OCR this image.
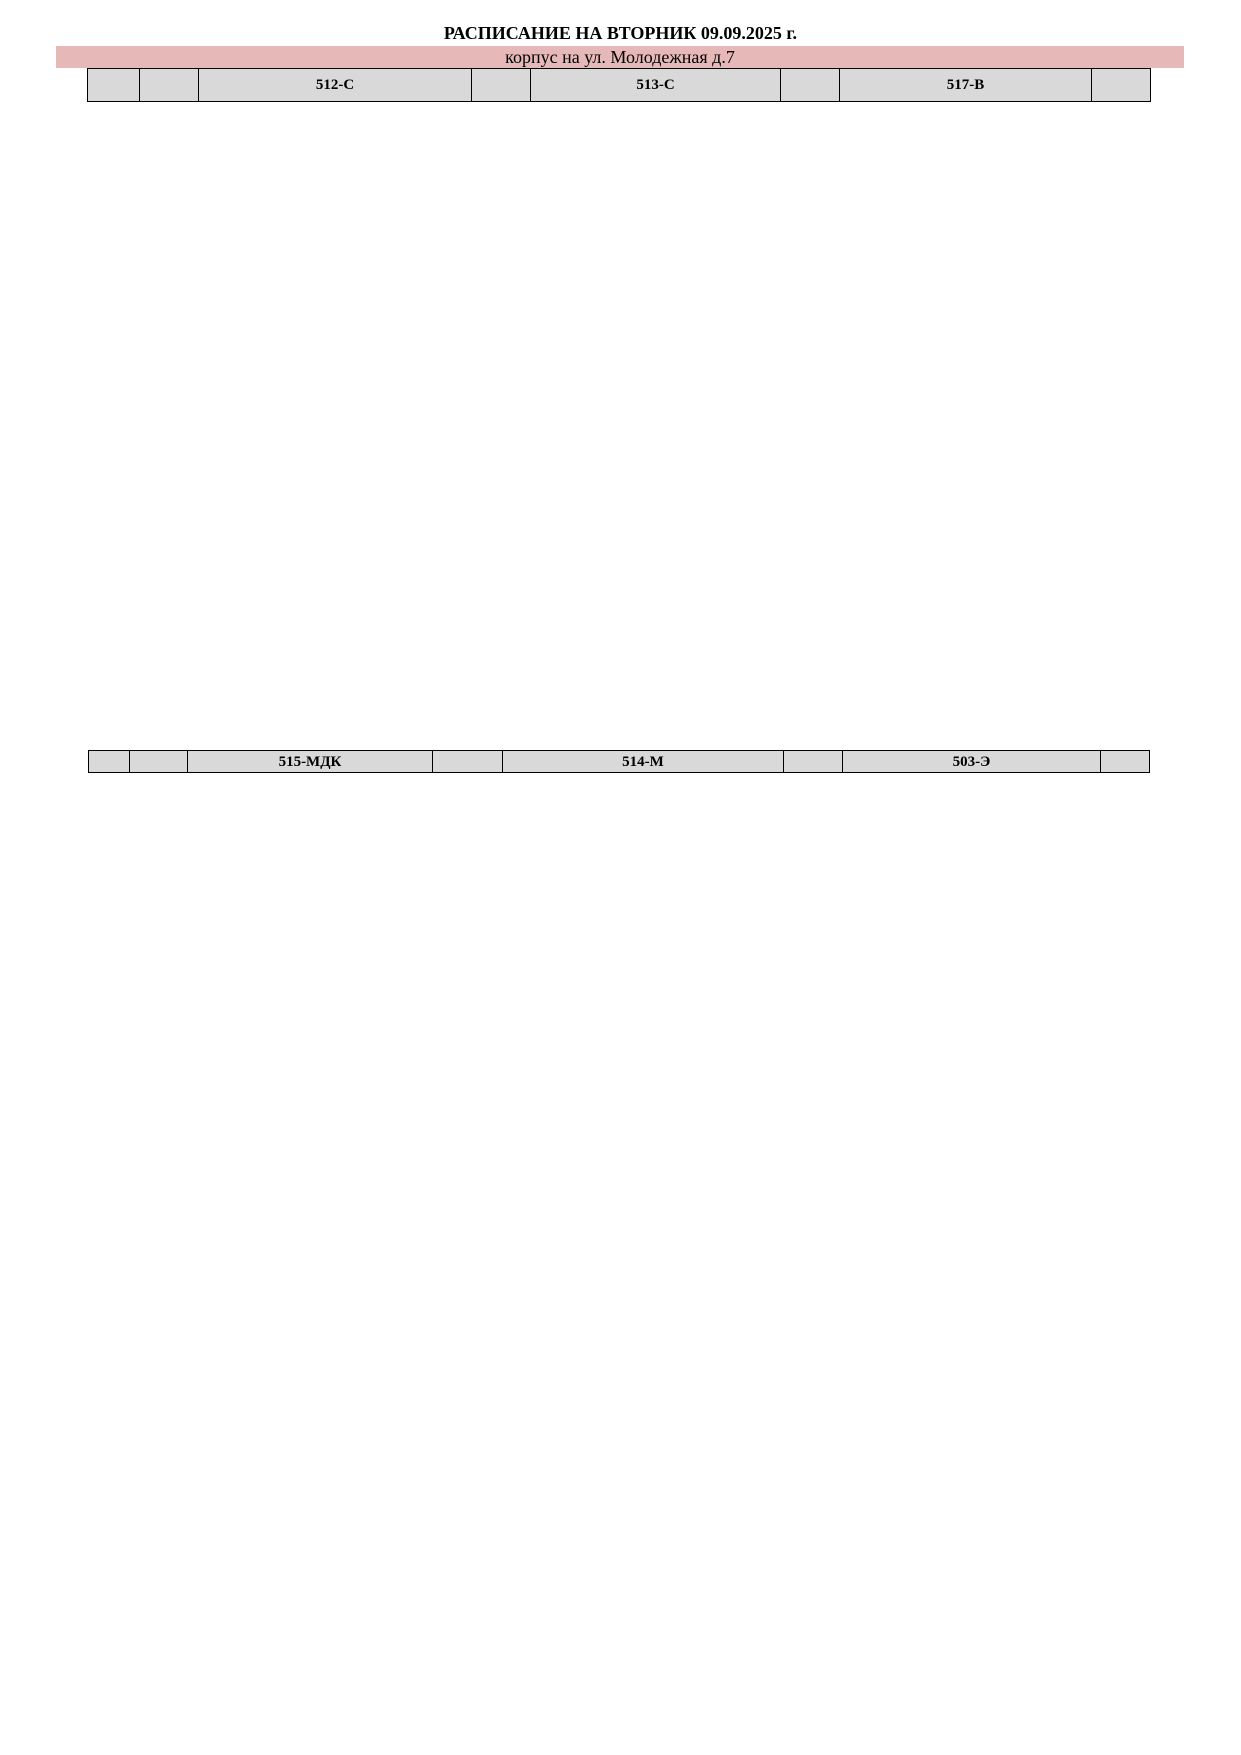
РАСПИСАНИЕ НА ВТОРНИК 09.09.2025 г.
корпус на ул. Молодежная д.7
		512-С		513-С		517-В	
		515-МДК		514-М		503-Э	
